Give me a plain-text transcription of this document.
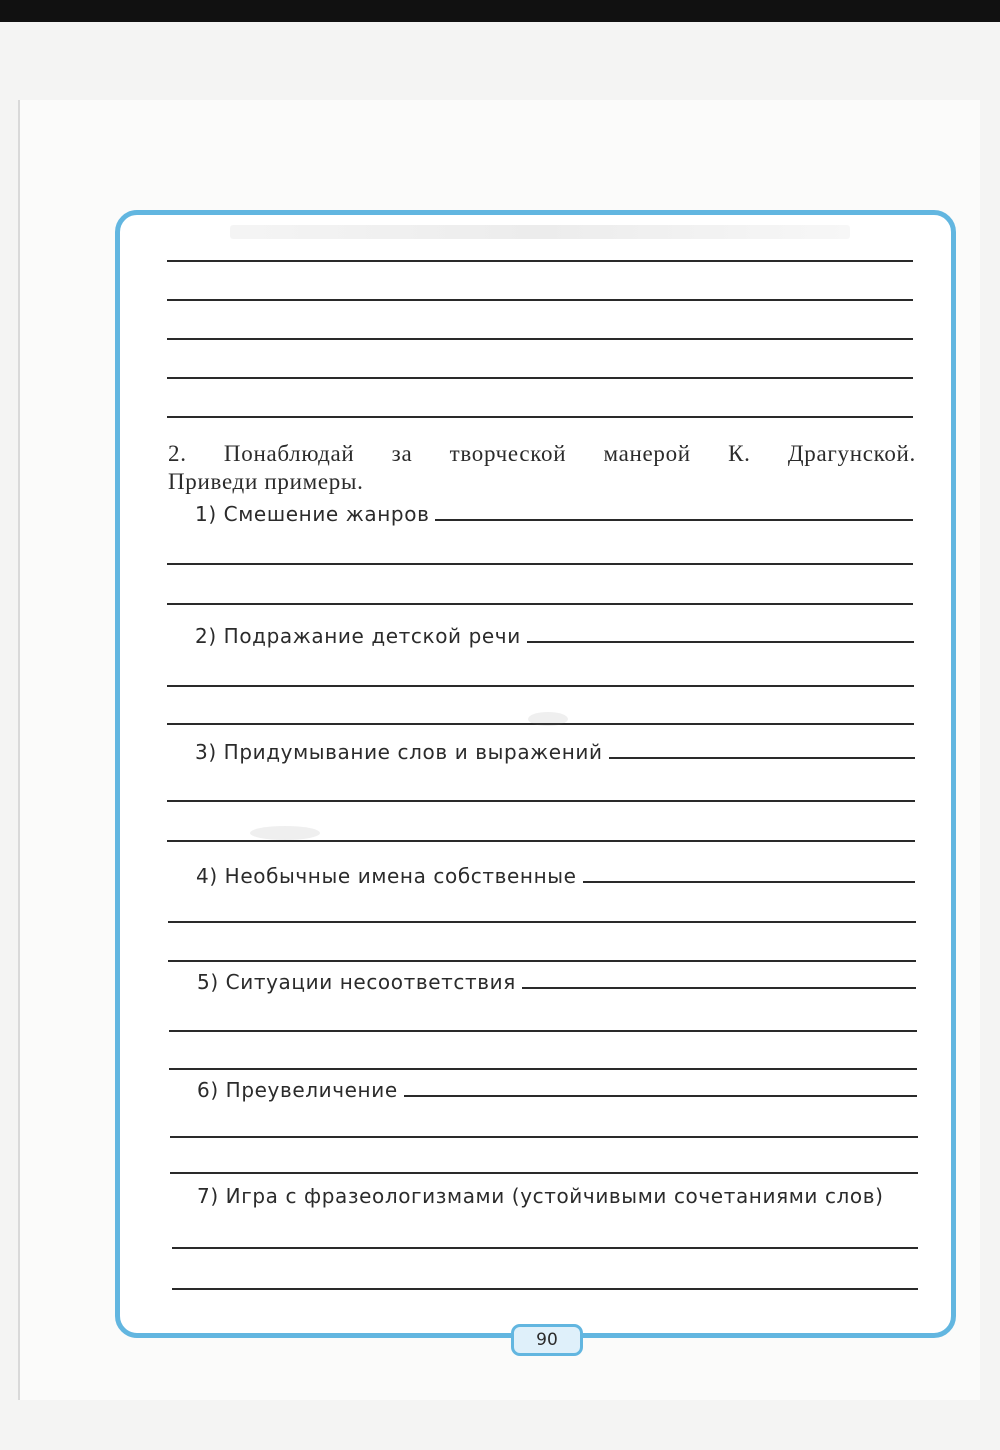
2. Понаблюдай за творческой манерой К. Драгунской.
Приведи примеры.
1) Смешение жанров
2) Подражание детской речи
3) Придумывание слов и выражений
4) Необычные имена собственные
5) Ситуации несоответствия
6) Преувеличение
7) Игра с фразеологизмами (устойчивыми сочетаниями слов)
90
